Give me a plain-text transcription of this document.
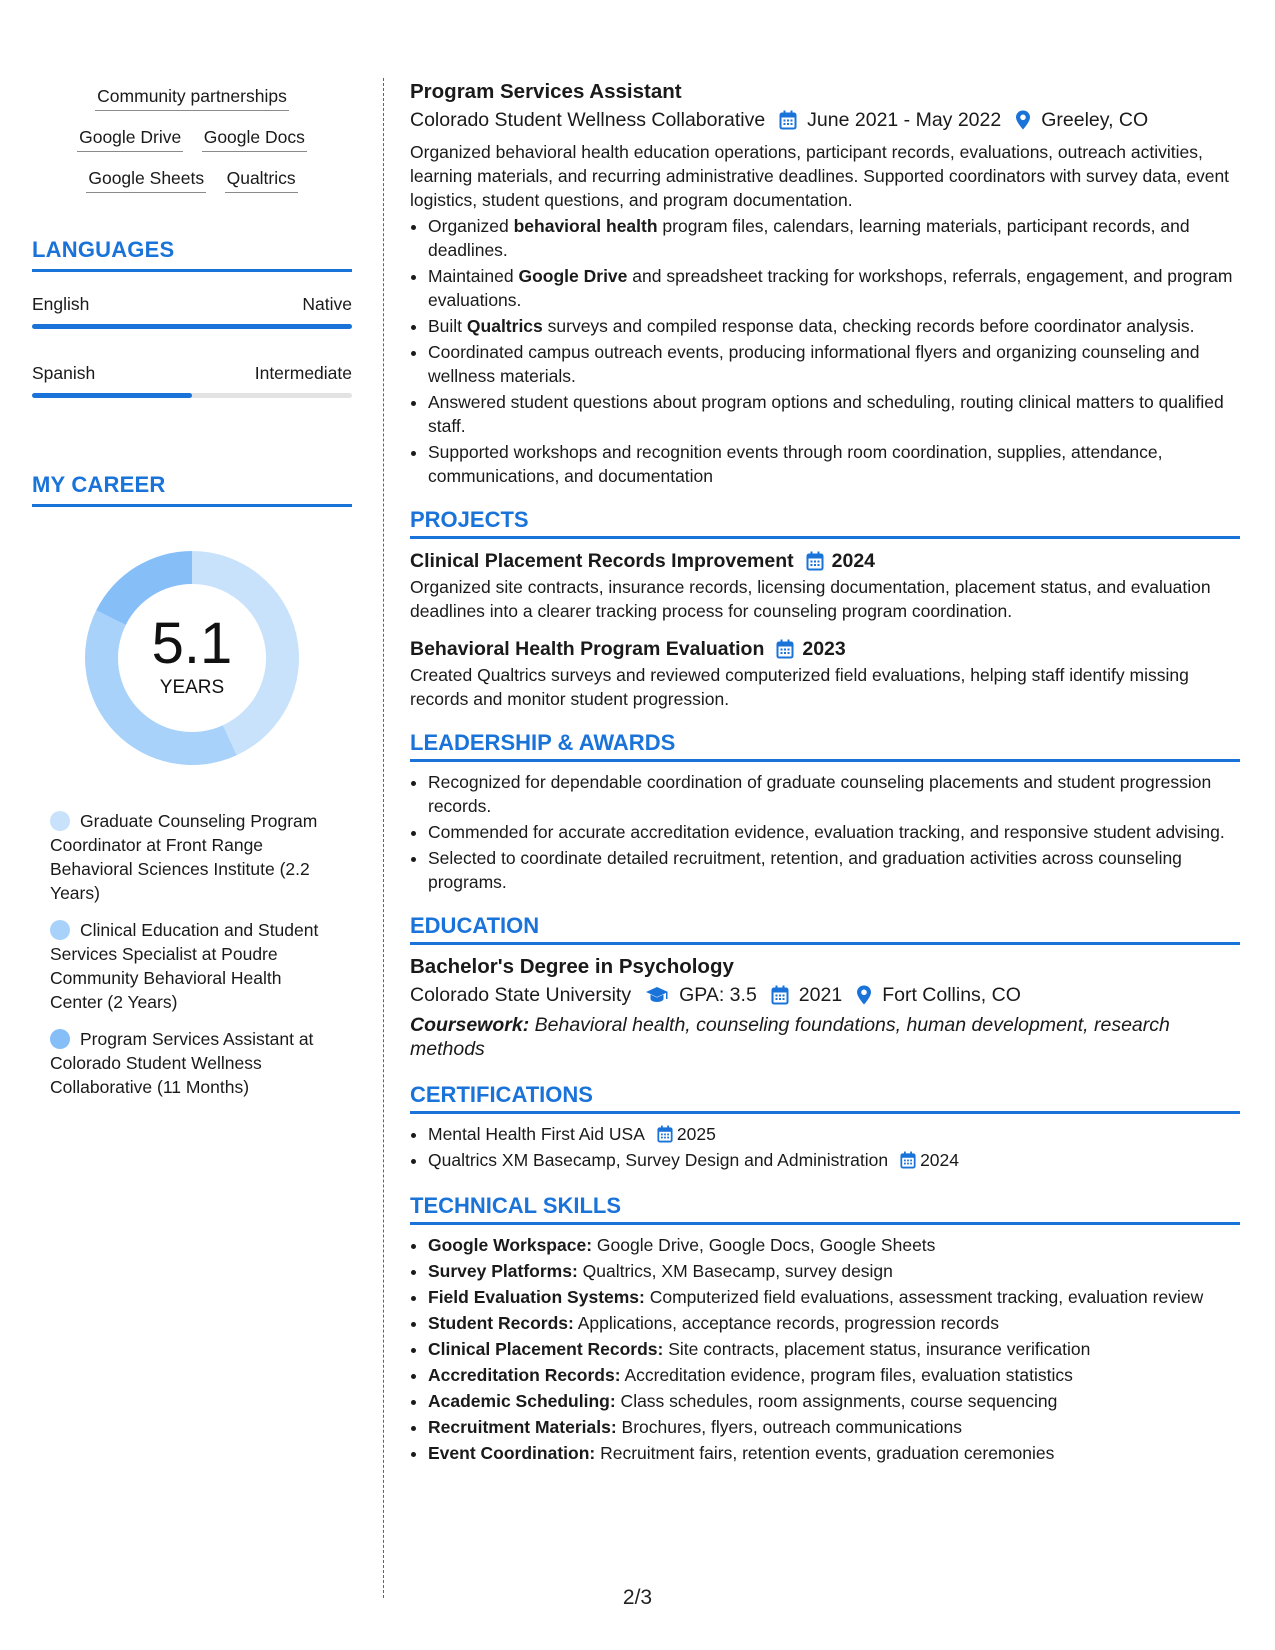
Community partnerships
Google Drive Google Docs
Google Sheets Qualtrics
LANGUAGES
English	Native
Spanish	Intermediate
MY CAREER
5.1
YEARS
Graduate Counseling Program Coordinator at Front Range Behavioral Sciences Institute (2.2 Years)
Clinical Education and Student Services Specialist at Poudre Community Behavioral Health Center (2 Years)
Program Services Assistant at Colorado Student Wellness Collaborative (11 Months)
Program Services Assistant
Colorado Student Wellness Collaborative June 2021 - May 2022 Greeley, CO
Organized behavioral health education operations, participant records, evaluations, outreach activities, learning materials, and recurring administrative deadlines. Supported coordinators with survey data, event logistics, student questions, and program documentation.
• Organized behavioral health program files, calendars, learning materials, participant records, and deadlines.
• Maintained Google Drive and spreadsheet tracking for workshops, referrals, engagement, and program evaluations.
• Built Qualtrics surveys and compiled response data, checking records before coordinator analysis.
• Coordinated campus outreach events, producing informational flyers and organizing counseling and wellness materials.
• Answered student questions about program options and scheduling, routing clinical matters to qualified staff.
• Supported workshops and recognition events through room coordination, supplies, attendance, communications, and documentation
PROJECTS
Clinical Placement Records Improvement 2024
Organized site contracts, insurance records, licensing documentation, placement status, and evaluation deadlines into a clearer tracking process for counseling program coordination.
Behavioral Health Program Evaluation 2023
Created Qualtrics surveys and reviewed computerized field evaluations, helping staff identify missing records and monitor student progression.
LEADERSHIP & AWARDS
• Recognized for dependable coordination of graduate counseling placements and student progression records.
• Commended for accurate accreditation evidence, evaluation tracking, and responsive student advising.
• Selected to coordinate detailed recruitment, retention, and graduation activities across counseling programs.
EDUCATION
Bachelor's Degree in Psychology
Colorado State University GPA: 3.5 2021 Fort Collins, CO
Coursework: Behavioral health, counseling foundations, human development, research methods
CERTIFICATIONS
• Mental Health First Aid USA 2025
• Qualtrics XM Basecamp, Survey Design and Administration 2024
TECHNICAL SKILLS
• Google Workspace: Google Drive, Google Docs, Google Sheets
• Survey Platforms: Qualtrics, XM Basecamp, survey design
• Field Evaluation Systems: Computerized field evaluations, assessment tracking, evaluation review
• Student Records: Applications, acceptance records, progression records
• Clinical Placement Records: Site contracts, placement status, insurance verification
• Accreditation Records: Accreditation evidence, program files, evaluation statistics
• Academic Scheduling: Class schedules, room assignments, course sequencing
• Recruitment Materials: Brochures, flyers, outreach communications
• Event Coordination: Recruitment fairs, retention events, graduation ceremonies
2/3
